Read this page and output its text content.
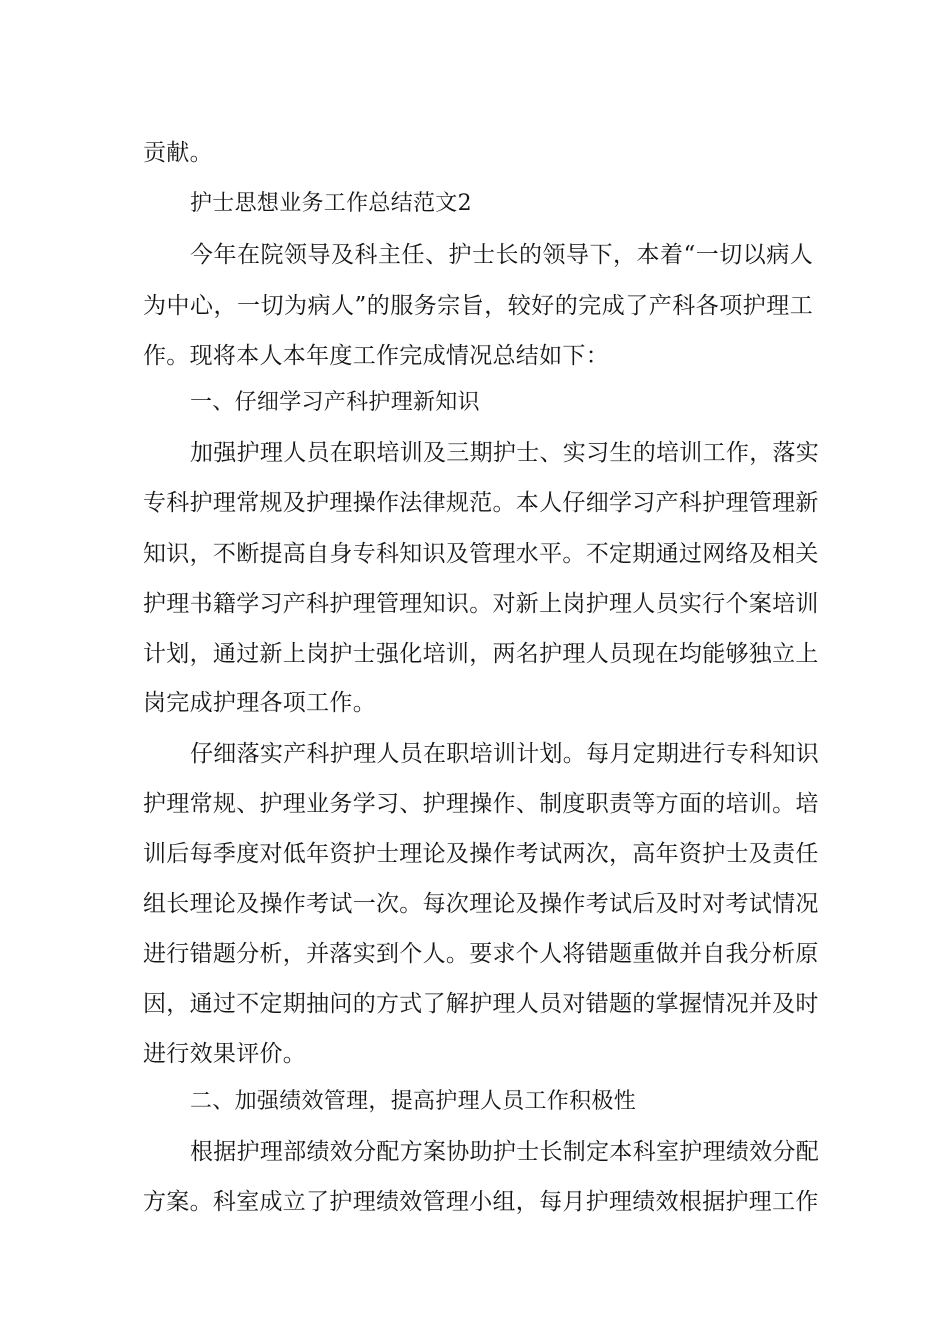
贡献。
护士思想业务工作总结范文2
今年在院领导及科主任、护士长的领导下，本着“一切以病人
为中心，一切为病人”的服务宗旨，较好的完成了产科各项护理工
作。现将本人本年度工作完成情况总结如下：
一、仔细学习产科护理新知识
加强护理人员在职培训及三期护士、实习生的培训工作，落实
专科护理常规及护理操作法律规范。本人仔细学习产科护理管理新
知识，不断提高自身专科知识及管理水平。不定期通过网络及相关
护理书籍学习产科护理管理知识。对新上岗护理人员实行个案培训
计划，通过新上岗护士强化培训，两名护理人员现在均能够独立上
岗完成护理各项工作。
仔细落实产科护理人员在职培训计划。每月定期进行专科知识
护理常规、护理业务学习、护理操作、制度职责等方面的培训。培
训后每季度对低年资护士理论及操作考试两次，高年资护士及责任
组长理论及操作考试一次。每次理论及操作考试后及时对考试情况
进行错题分析，并落实到个人。要求个人将错题重做并自我分析原
因，通过不定期抽问的方式了解护理人员对错题的掌握情况并及时
进行效果评价。
二、加强绩效管理，提高护理人员工作积极性
根据护理部绩效分配方案协助护士长制定本科室护理绩效分配
方案。科室成立了护理绩效管理小组，每月护理绩效根据护理工作
